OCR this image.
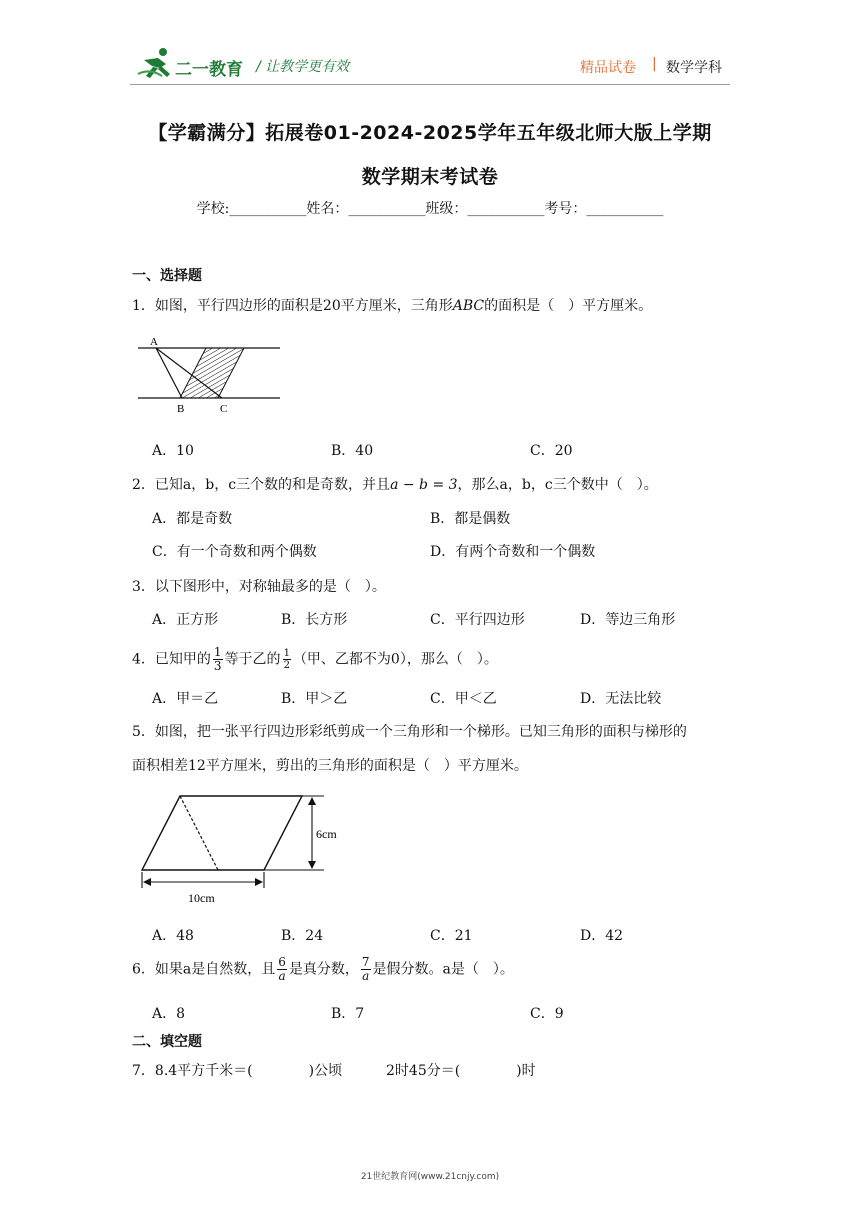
二一教育 / 让教学更有效	精品试卷 | 数学学科
【学霸满分】拓展卷01-2024-2025学年五年级北师大版上学期
数学期末考试卷
学校:___________姓名：___________班级：___________考号：___________
一、选择题
1．如图，平行四边形的面积是20平方厘米，三角形ABC的面积是（　）平方厘米。
A
B	C
A．10	B．40	C．20
2．已知a，b，c三个数的和是奇数，并且a − b = 3，那么a，b，c三个数中（　）。
A．都是奇数	B．都是偶数
C．有一个奇数和两个偶数	D．有两个奇数和一个偶数
3．以下图形中，对称轴最多的是（　）。
A．正方形	B．长方形	C．平行四边形	D．等边三角形
4．已知甲的 $\frac{1}{3}$ 等于乙的 $\frac{1}{2}$ （甲、乙都不为0），那么（　）。
A．甲＝乙	B．甲＞乙	C．甲＜乙	D．无法比较
5．如图，把一张平行四边形彩纸剪成一个三角形和一个梯形。已知三角形的面积与梯形的
面积相差12平方厘米，剪出的三角形的面积是（　）平方厘米。
6cm
10cm
A．48	B．24	C．21	D．42
6．如果a是自然数，且 $\frac{6}{a}$ 是真分数， $\frac{7}{a}$ 是假分数。a是（　）。
A．8	B．7	C．9
二、填空题
7．8.4平方千米＝(　　　　)公顷	2时45分＝(　　　　)时
21世纪教育网(www.21cnjy.com)
